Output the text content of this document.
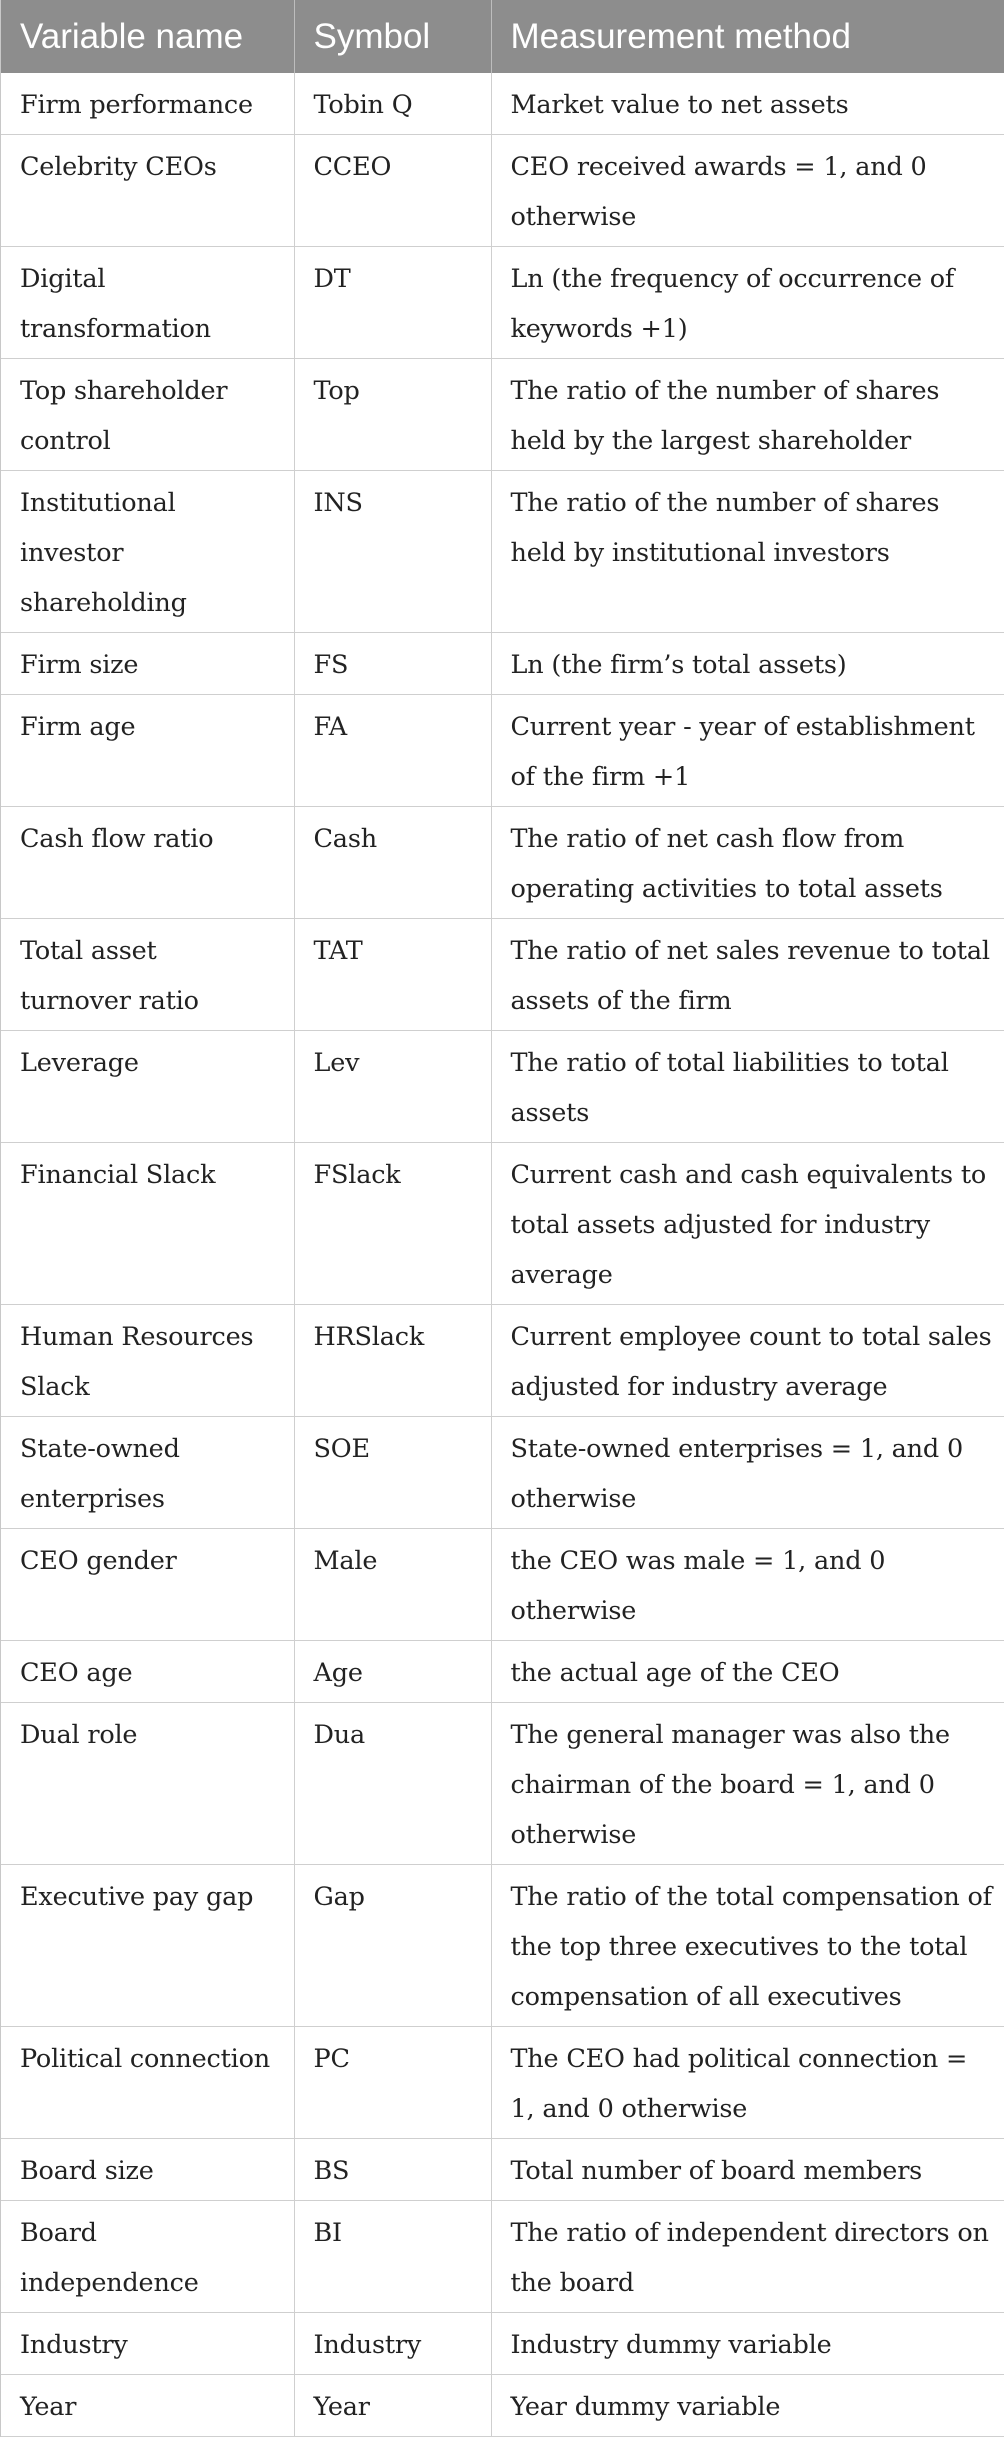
Variable name	Symbol	Measurement method
Firm performance	Tobin Q	Market value to net assets
Celebrity CEOs	CCEO	CEO received awards = 1, and 0 otherwise
Digital transformation	DT	Ln (the frequency of occurrence of keywords +1)
Top shareholder control	Top	The ratio of the number of shares held by the largest shareholder
Institutional investor shareholding	INS	The ratio of the number of shares held by institutional investors
Firm size	FS	Ln (the firm’s total assets)
Firm age	FA	Current year - year of establishment of the firm +1
Cash flow ratio	Cash	The ratio of net cash flow from operating activities to total assets
Total asset turnover ratio	TAT	The ratio of net sales revenue to total assets of the firm
Leverage	Lev	The ratio of total liabilities to total assets
Financial Slack	FSlack	Current cash and cash equivalents to total assets adjusted for industry average
Human Resources Slack	HRSlack	Current employee count to total sales adjusted for industry average
State-owned enterprises	SOE	State-owned enterprises = 1, and 0 otherwise
CEO gender	Male	the CEO was male = 1, and 0 otherwise
CEO age	Age	the actual age of the CEO
Dual role	Dua	The general manager was also the chairman of the board = 1, and 0 otherwise
Executive pay gap	Gap	The ratio of the total compensation of the top three executives to the total compensation of all executives
Political connection	PC	The CEO had political connection = 1, and 0 otherwise
Board size	BS	Total number of board members
Board independence	BI	The ratio of independent directors on the board
Industry	Industry	Industry dummy variable
Year	Year	Year dummy variable
